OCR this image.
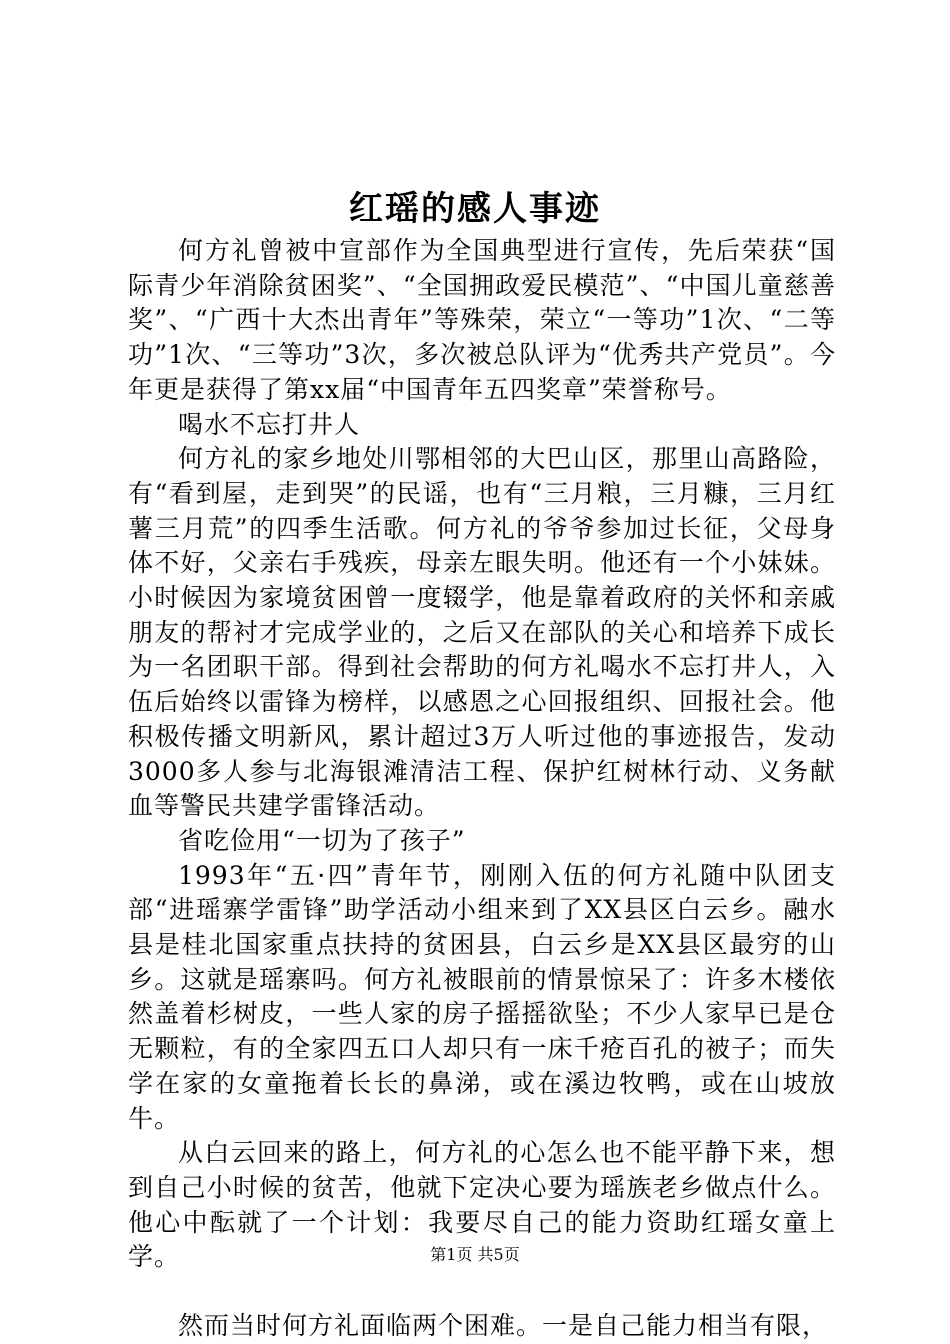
红瑶的感人事迹

何方礼曾被中宣部作为全国典型进行宣传，先后荣获“国际青少年消除贫困奖”、“全国拥政爱民模范”、“中国儿童慈善奖”、“广西十大杰出青年”等殊荣，荣立“一等功”1次、“二等功”1次、“三等功”3次，多次被总队评为“优秀共产党员”。今年更是获得了第xx届“中国青年五四奖章”荣誉称号。

喝水不忘打井人

何方礼的家乡地处川鄂相邻的大巴山区，那里山高路险，有“看到屋，走到哭”的民谣，也有“三月粮，三月糠，三月红薯三月荒”的四季生活歌。何方礼的爷爷参加过长征，父母身体不好，父亲右手残疾，母亲左眼失明。他还有一个小妹妹。小时候因为家境贫困曾一度辍学，他是靠着政府的关怀和亲戚朋友的帮衬才完成学业的，之后又在部队的关心和培养下成长为一名团职干部。得到社会帮助的何方礼喝水不忘打井人，入伍后始终以雷锋为榜样，以感恩之心回报组织、回报社会。他积极传播文明新风，累计超过3万人听过他的事迹报告，发动3000多人参与北海银滩清洁工程、保护红树林行动、义务献血等警民共建学雷锋活动。

省吃俭用“一切为了孩子”

1993年“五·四”青年节，刚刚入伍的何方礼随中队团支部“进瑶寨学雷锋”助学活动小组来到了XX县区白云乡。融水县是桂北国家重点扶持的贫困县，白云乡是XX县区最穷的山乡。这就是瑶寨吗。何方礼被眼前的情景惊呆了：许多木楼依然盖着杉树皮，一些人家的房子摇摇欲坠；不少人家早已是仓无颗粒，有的全家四五口人却只有一床千疮百孔的被子；而失学在家的女童拖着长长的鼻涕，或在溪边牧鸭，或在山坡放牛。

从白云回来的路上，何方礼的心怎么也不能平静下来，想到自己小时候的贫苦，他就下定决心要为瑶族老乡做点什么。他心中酝就了一个计划：我要尽自己的能力资助红瑶女童上学。

然而当时何方礼面临两个困难。一是自己能力相当有限，

第1页 共5页
